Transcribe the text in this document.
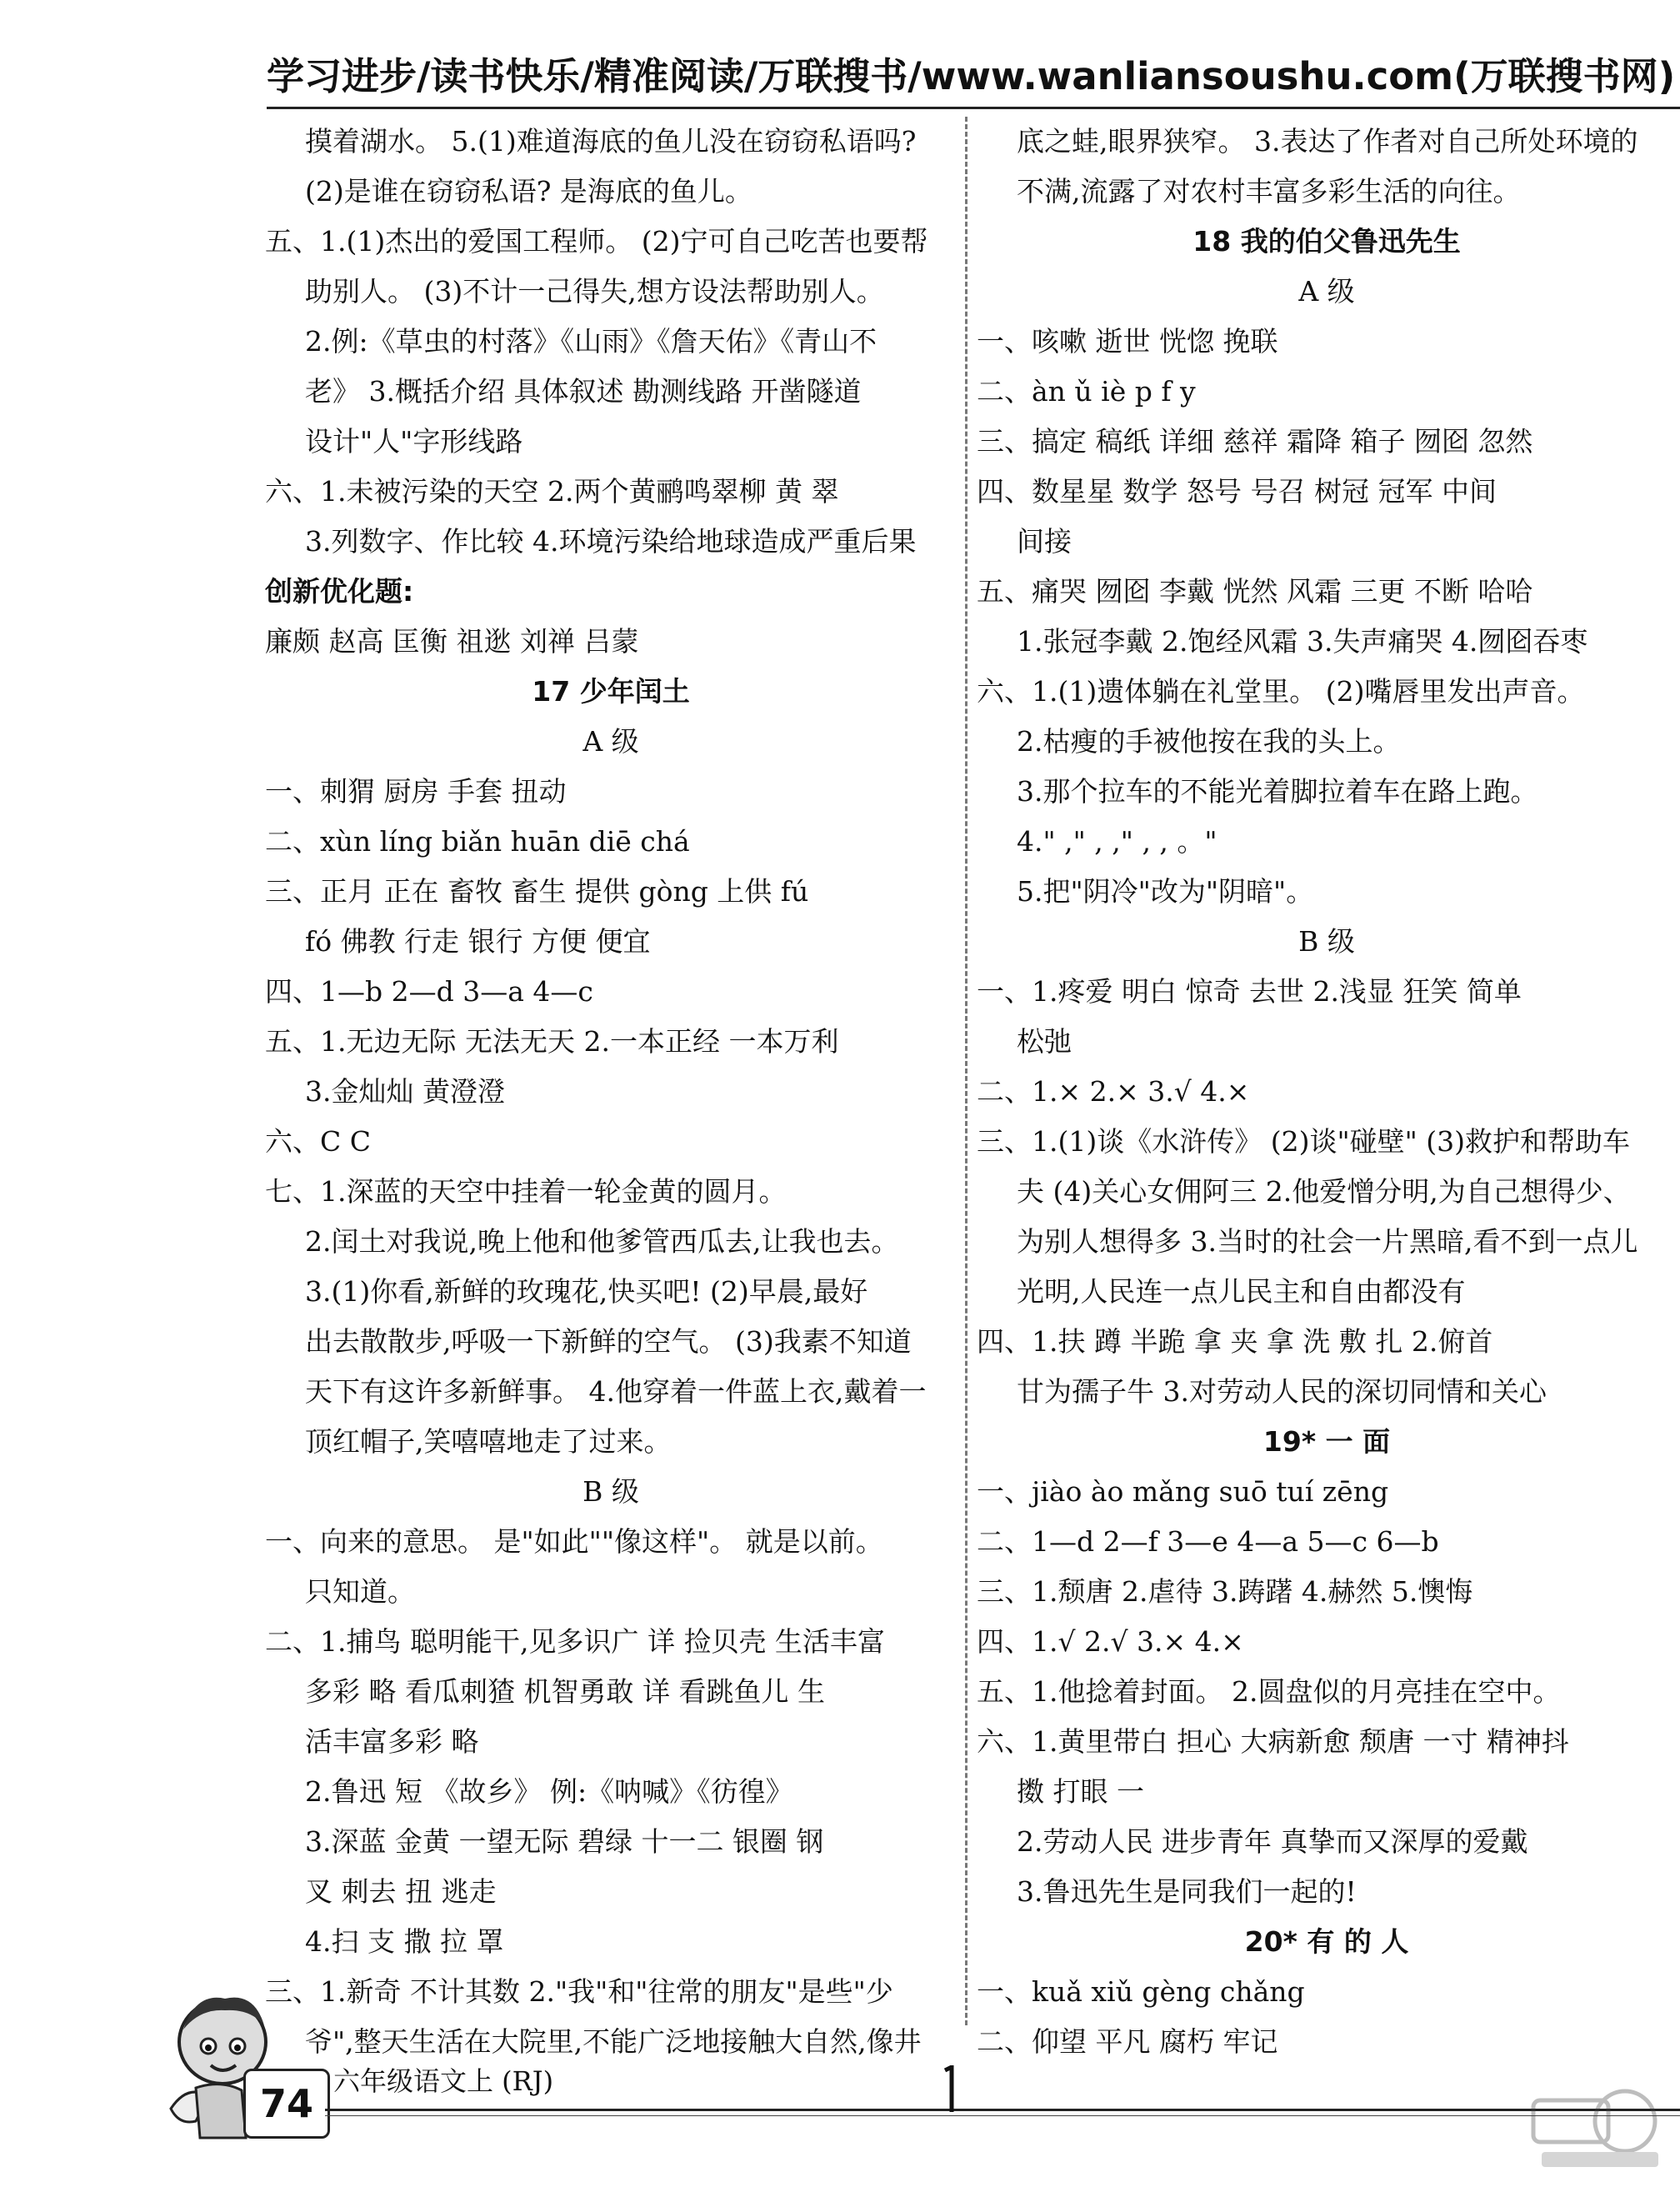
学习进步/读书快乐/精准阅读/万联搜书/www.wanliansoushu.com(万联搜书网)
摸着湖水。 5.(1)难道海底的鱼儿没在窃窃私语吗?
(2)是谁在窃窃私语? 是海底的鱼儿。
五、1.(1)杰出的爱国工程师。 (2)宁可自己吃苦也要帮
助别人。 (3)不计一己得失,想方设法帮助别人。
2.例:《草虫的村落》《山雨》《詹天佑》《青山不
老》 3.概括介绍 具体叙述 勘测线路 开凿隧道
设计"人"字形线路
六、1.未被污染的天空 2.两个黄鹂鸣翠柳 黄 翠
3.列数字、作比较 4.环境污染给地球造成严重后果
创新优化题:
廉颇 赵高 匡衡 祖逖 刘禅 吕蒙
17 少年闰土
A 级
一、刺猬 厨房 手套 扭动
二、xùn líng biǎn huān diē chá
三、正月 正在 畜牧 畜生 提供 gòng 上供 fú
fó 佛教 行走 银行 方便 便宜
四、1—b 2—d 3—a 4—c
五、1.无边无际 无法无天 2.一本正经 一本万利
3.金灿灿 黄澄澄
六、C C
七、1.深蓝的天空中挂着一轮金黄的圆月。
2.闰土对我说,晚上他和他爹管西瓜去,让我也去。
3.(1)你看,新鲜的玫瑰花,快买吧! (2)早晨,最好
出去散散步,呼吸一下新鲜的空气。 (3)我素不知道
天下有这许多新鲜事。 4.他穿着一件蓝上衣,戴着一
顶红帽子,笑嘻嘻地走了过来。
B 级
一、向来的意思。 是"如此""像这样"。 就是以前。
只知道。
二、1.捕鸟 聪明能干,见多识广 详 捡贝壳 生活丰富
多彩 略 看瓜刺猹 机智勇敢 详 看跳鱼儿 生
活丰富多彩 略
2.鲁迅 短 《故乡》 例:《呐喊》《彷徨》
3.深蓝 金黄 一望无际 碧绿 十一二 银圈 钢
叉 刺去 扭 逃走
4.扫 支 撒 拉 罩
三、1.新奇 不计其数 2."我"和"往常的朋友"是些"少
爷",整天生活在大院里,不能广泛地接触大自然,像井
底之蛙,眼界狭窄。 3.表达了作者对自己所处环境的
不满,流露了对农村丰富多彩生活的向往。
18 我的伯父鲁迅先生
A 级
一、咳嗽 逝世 恍惚 挽联
二、àn ǔ iè p f y
三、搞定 稿纸 详细 慈祥 霜降 箱子 囫囵 忽然
四、数星星 数学 怒号 号召 树冠 冠军 中间
间接
五、痛哭 囫囵 李戴 恍然 风霜 三更 不断 哈哈
1.张冠李戴 2.饱经风霜 3.失声痛哭 4.囫囵吞枣
六、1.(1)遗体躺在礼堂里。 (2)嘴唇里发出声音。
2.枯瘦的手被他按在我的头上。
3.那个拉车的不能光着脚拉着车在路上跑。
4." ," , ," , , 。"
5.把"阴冷"改为"阴暗"。
B 级
一、1.疼爱 明白 惊奇 去世 2.浅显 狂笑 简单
松弛
二、1.× 2.× 3.√ 4.×
三、1.(1)谈《水浒传》 (2)谈"碰壁" (3)救护和帮助车
夫 (4)关心女佣阿三 2.他爱憎分明,为自己想得少、
为别人想得多 3.当时的社会一片黑暗,看不到一点儿
光明,人民连一点儿民主和自由都没有
四、1.扶 蹲 半跪 拿 夹 拿 洗 敷 扎 2.俯首
甘为孺子牛 3.对劳动人民的深切同情和关心
19* 一 面
一、jiào ào mǎng suō tuí zēng
二、1—d 2—f 3—e 4—a 5—c 6—b
三、1.颓唐 2.虐待 3.踌躇 4.赫然 5.懊悔
四、1.√ 2.√ 3.× 4.×
五、1.他捻着封面。 2.圆盘似的月亮挂在空中。
六、1.黄里带白 担心 大病新愈 颓唐 一寸 精神抖
擞 打眼 一
2.劳动人民 进步青年 真挚而又深厚的爱戴
3.鲁迅先生是同我们一起的!
20* 有 的 人
一、kuǎ xiǔ gèng chǎng
二、仰望 平凡 腐朽 牢记
74 六年级语文上 (RJ)
